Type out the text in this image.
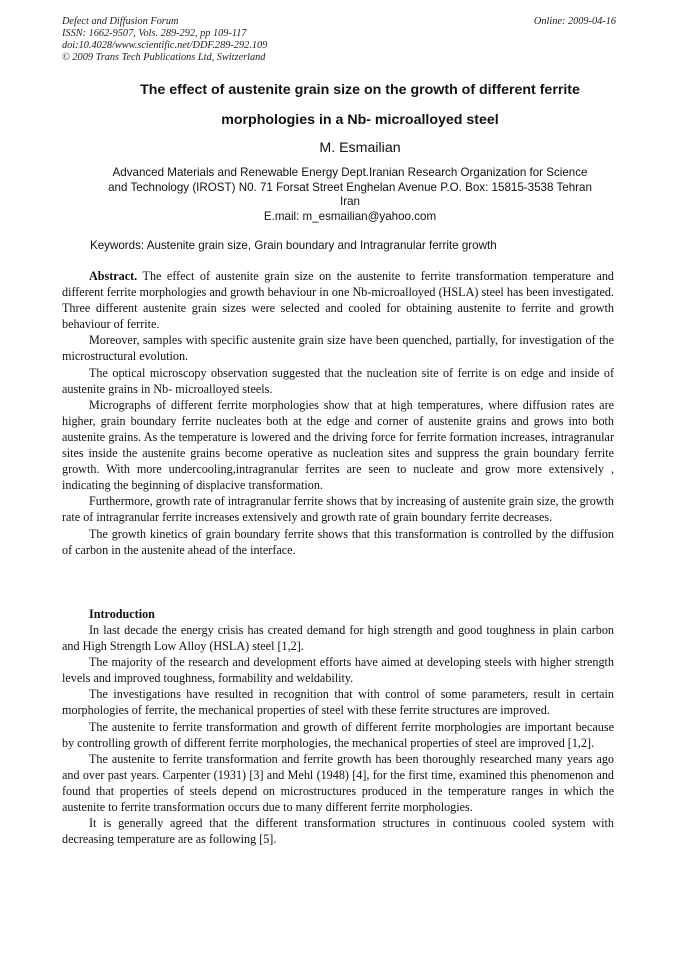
Defect and Diffusion Forum
ISSN: 1662-9507, Vols. 289-292, pp 109-117
doi:10.4028/www.scientific.net/DDF.289-292.109
© 2009 Trans Tech Publications Ltd, Switzerland
Online: 2009-04-16
The effect of austenite grain size on the growth of different ferrite
morphologies in a Nb- microalloyed steel
M. Esmailian
Advanced Materials and Renewable Energy Dept.Iranian Research Organization for Science
and Technology (IROST) N0. 71 Forsat Street Enghelan Avenue P.O. Box: 15815-3538 Tehran
Iran
E.mail: m_esmailian@yahoo.com
Keywords: Austenite grain size, Grain boundary and Intragranular ferrite growth

Abstract. The effect of austenite grain size on the austenite to ferrite transformation temperature and different ferrite morphologies and growth behaviour in one Nb-microalloyed (HSLA) steel has been investigated. Three different austenite grain sizes were selected and cooled for obtaining austenite to ferrite and growth behaviour of ferrite.

Moreover, samples with specific austenite grain size have been quenched, partially, for investigation of the microstructural evolution.

The optical microscopy observation suggested that the nucleation site of ferrite is on edge and inside of austenite grains in Nb- microalloyed steels.

Micrographs of different ferrite morphologies show that at high temperatures, where diffusion rates are higher, grain boundary ferrite nucleates both at the edge and corner of austenite grains and grows into both austenite grains. As the temperature is lowered and the driving force for ferrite formation increases, intragranular sites inside the austenite grains become operative as nucleation sites and suppress the grain boundary ferrite growth. With more undercooling,intragranular ferrites are seen to nucleate and grow more extensively , indicating the beginning of displacive transformation.

Furthermore, growth rate of intragranular ferrite shows that by increasing of austenite grain size, the growth rate of intragranular ferrite increases extensively and growth rate of grain boundary ferrite decreases.

The growth kinetics of grain boundary ferrite shows that this transformation is controlled by the diffusion of carbon in the austenite ahead of the interface.

Introduction

In last decade the energy crisis has created demand for high strength and good toughness in plain carbon and High Strength Low Alloy (HSLA) steel [1,2].

The majority of the research and development efforts have aimed at developing steels with higher strength levels and improved toughness, formability and weldability.

The investigations have resulted in recognition that with control of some parameters, result in certain morphologies of ferrite, the mechanical properties of steel with these ferrite structures are improved.

The austenite to ferrite transformation and growth of different ferrite morphologies are important because by controlling growth of different ferrite morphologies, the mechanical properties of steel are improved [1,2].

The austenite to ferrite transformation and ferrite growth has been thoroughly researched many years ago and over past years. Carpenter (1931) [3] and Mehl (1948) [4], for the first time, examined this phenomenon and found that properties of steels depend on microstructures produced in the temperature ranges in which the austenite to ferrite transformation occurs due to many different ferrite morphologies.

It is generally agreed that the different transformation structures in continuous cooled system with decreasing temperature are as following [5].
